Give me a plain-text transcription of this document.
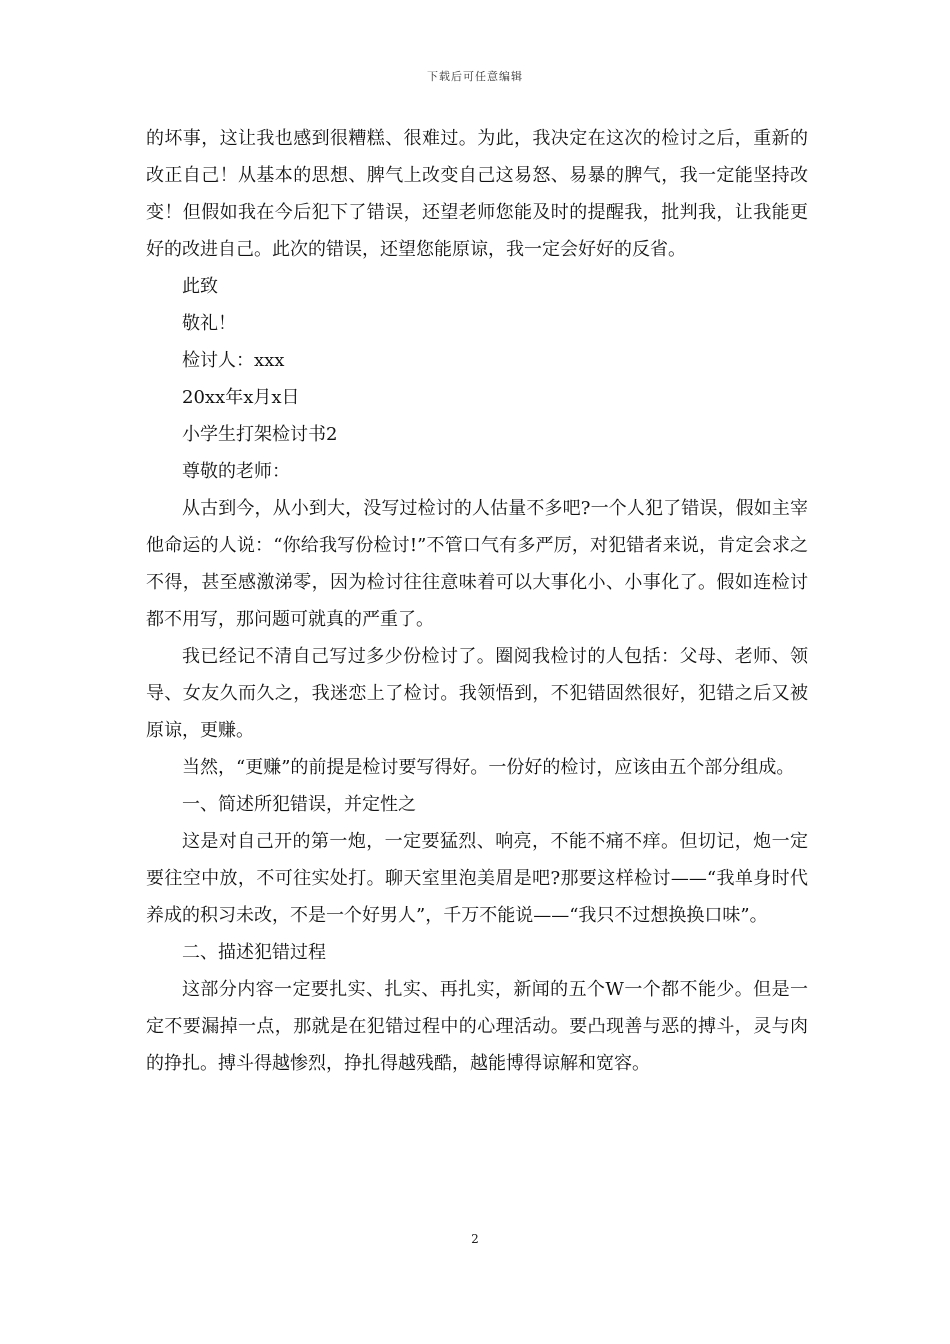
下载后可任意编辑

的坏事，这让我也感到很糟糕、很难过。为此，我决定在这次的检讨之后，重新的改正自己！从基本的思想、脾气上改变自己这易怒、易暴的脾气，我一定能坚持改变！但假如我在今后犯下了错误，还望老师您能及时的提醒我，批判我，让我能更好的改进自己。此次的错误，还望您能原谅，我一定会好好的反省。

此致

敬礼！

检讨人：xxx

20xx年x月x日

小学生打架检讨书2

尊敬的老师：

从古到今，从小到大，没写过检讨的人估量不多吧?一个人犯了错误，假如主宰他命运的人说：“你给我写份检讨!”不管口气有多严厉，对犯错者来说，肯定会求之不得，甚至感激涕零，因为检讨往往意味着可以大事化小、小事化了。假如连检讨都不用写，那问题可就真的严重了。

我已经记不清自己写过多少份检讨了。圈阅我检讨的人包括：父母、老师、领导、女友久而久之，我迷恋上了检讨。我领悟到，不犯错固然很好，犯错之后又被原谅，更赚。

当然，“更赚”的前提是检讨要写得好。一份好的检讨，应该由五个部分组成。

一、简述所犯错误，并定性之

这是对自己开的第一炮，一定要猛烈、响亮，不能不痛不痒。但切记，炮一定要往空中放，不可往实处打。聊天室里泡美眉是吧?那要这样检讨——“我单身时代养成的积习未改，不是一个好男人”，千万不能说——“我只不过想换换口味”。

二、描述犯错过程

这部分内容一定要扎实、扎实、再扎实，新闻的五个W一个都不能少。但是一定不要漏掉一点，那就是在犯错过程中的心理活动。要凸现善与恶的搏斗，灵与肉的挣扎。搏斗得越惨烈，挣扎得越残酷，越能博得谅解和宽容。

2
